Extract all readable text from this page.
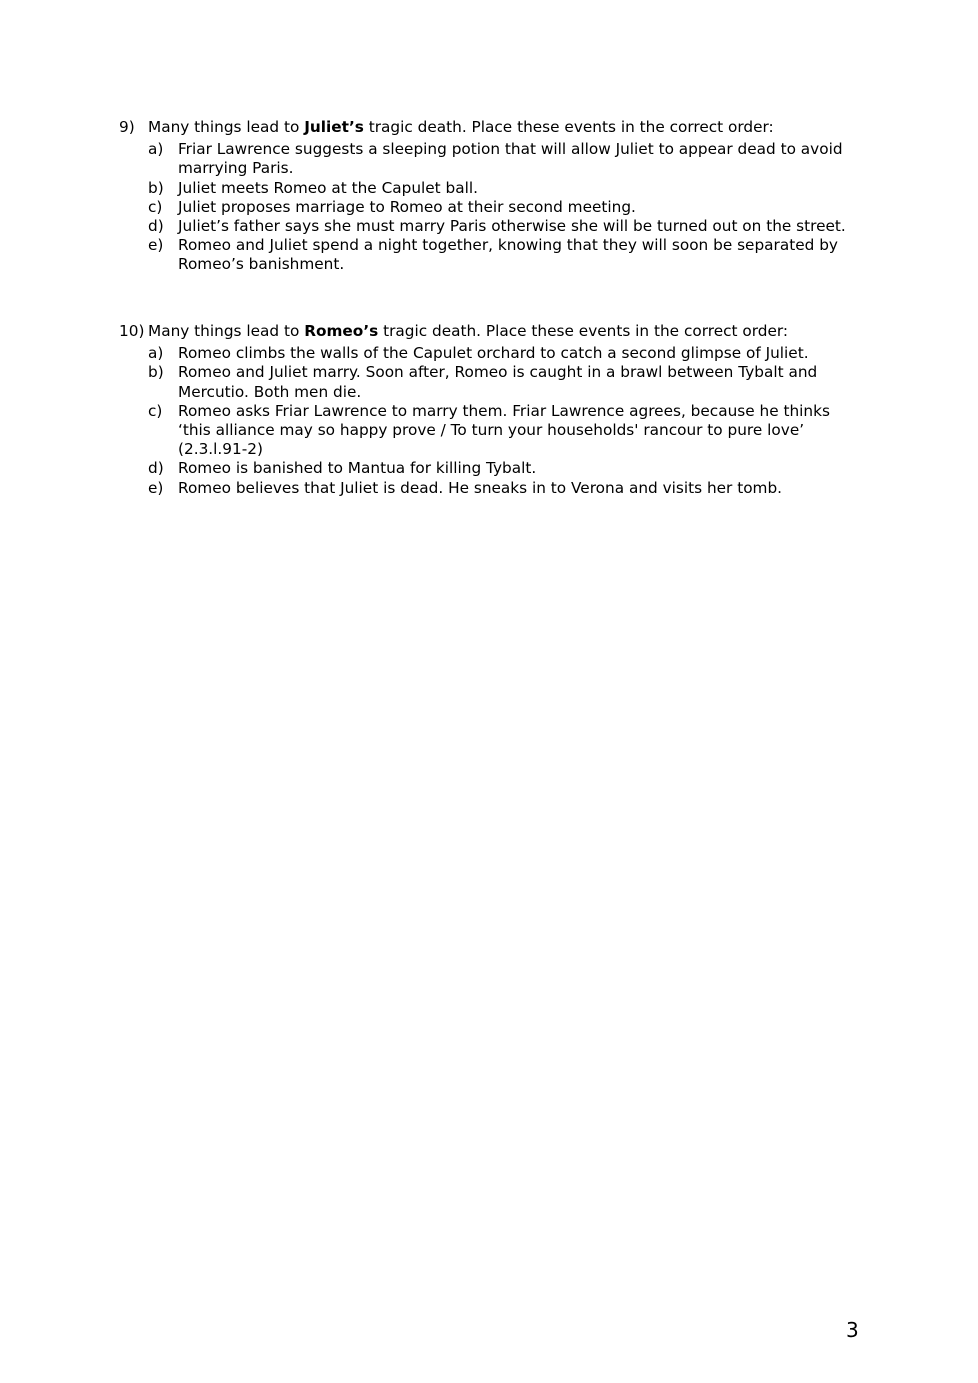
9) Many things lead to Juliet’s tragic death. Place these events in the correct order:
a) Friar Lawrence suggests a sleeping potion that will allow Juliet to appear dead to avoid marrying Paris.
b) Juliet meets Romeo at the Capulet ball.
c)	Juliet proposes marriage to Romeo at their second meeting.
d) Juliet’s father says she must marry Paris otherwise she will be turned out on the street.
e) Romeo and Juliet spend a night together, knowing that they will soon be separated by Romeo’s banishment.
10) Many things lead to Romeo’s tragic death. Place these events in the correct order:
a) Romeo climbs the walls of the Capulet orchard to catch a second glimpse of Juliet.
b) Romeo and Juliet marry. Soon after, Romeo is caught in a brawl between Tybalt and Mercutio. Both men die.
c)	Romeo asks Friar Lawrence to marry them. Friar Lawrence agrees, because he thinks ‘this alliance may so happy prove / To turn your households' rancour to pure love’ (2.3.l.91-2)
d) Romeo is banished to Mantua for killing Tybalt.
e) Romeo believes that Juliet is dead. He sneaks in to Verona and visits her tomb.
3
